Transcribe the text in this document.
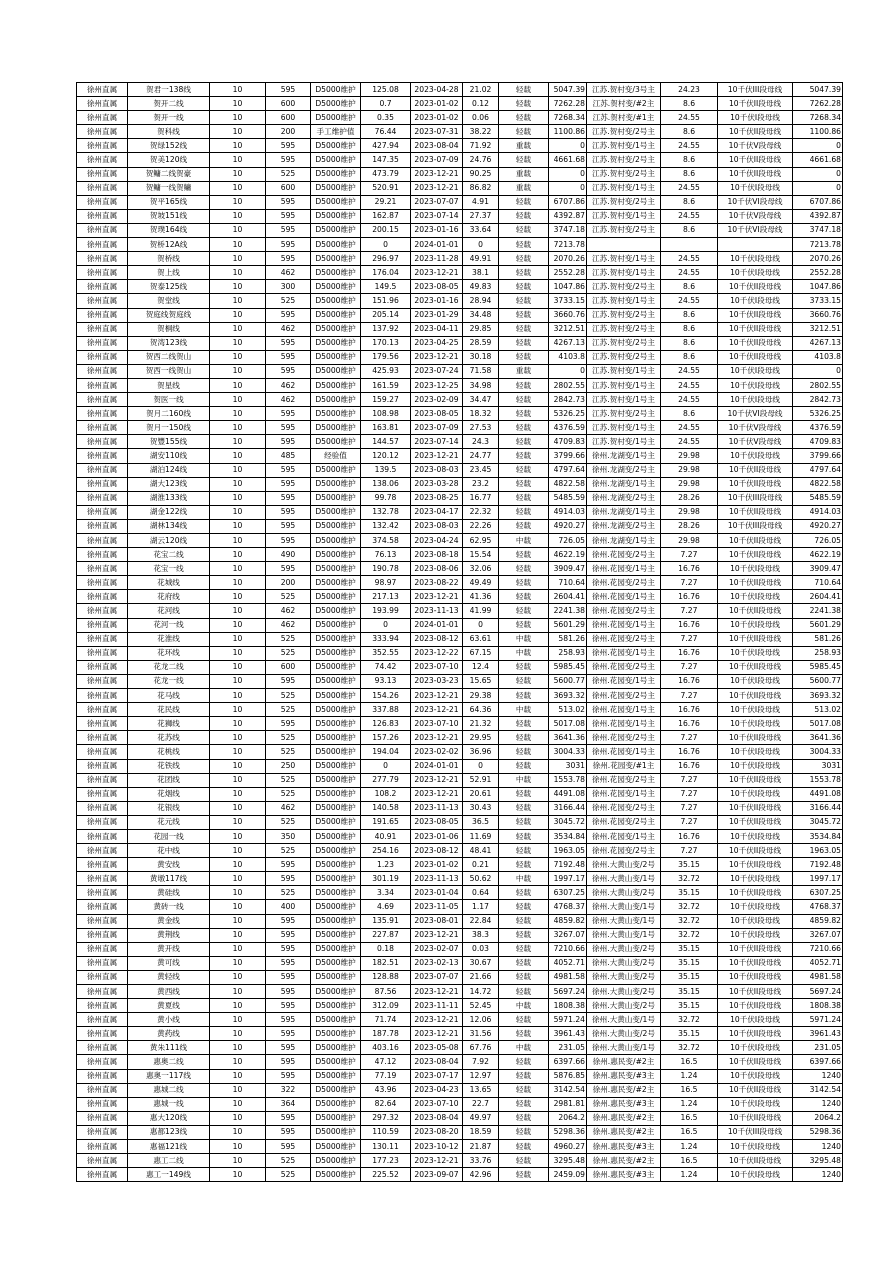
徐州直属	贺君一138线	10	595	D5000维护	125.08	2023-04-28	21.02	轻载	5047.39	江苏.贺村变/3号主	24.23	10千伏III段母线	5047.39
徐州直属	贺开二线	10	600	D5000维护	0.7	2023-01-02	0.12	轻载	7262.28	江苏.贺村变/#2主	8.6	10千伏II段母线	7262.28
徐州直属	贺开一线	10	600	D5000维护	0.35	2023-01-02	0.06	轻载	7268.34	江苏.贺村变/#1主	24.55	10千伏I段母线	7268.34
徐州直属	贺科线	10	200	手工维护值	76.44	2023-07-31	38.22	轻载	1100.86	江苏.贺村变/2号主	8.6	10千伏II段母线	1100.86
徐州直属	贺绿152线	10	595	D5000维护	427.94	2023-08-04	71.92	重载	0	江苏.贺村变/1号主	24.55	10千伏V段母线	0
徐州直属	贺美120线	10	595	D5000维护	147.35	2023-07-09	24.76	轻载	4661.68	江苏.贺村变/2号主	8.6	10千伏II段母线	4661.68
徐州直属	贺鳙二线贺豪	10	525	D5000维护	473.79	2023-12-21	90.25	重载	0	江苏.贺村变/2号主	8.6	10千伏II段母线	0
徐州直属	贺鳙一线贺鳙	10	600	D5000维护	520.91	2023-12-21	86.82	重载	0	江苏.贺村变/1号主	24.55	10千伏I段母线	0
徐州直属	贺平165线	10	595	D5000维护	29.21	2023-07-07	4.91	轻载	6707.86	江苏.贺村变/2号主	8.6	10千伏VI段母线	6707.86
徐州直属	贺坡151线	10	595	D5000维护	162.87	2023-07-14	27.37	轻载	4392.87	江苏.贺村变/1号主	24.55	10千伏V段母线	4392.87
徐州直属	贺璞164线	10	595	D5000维护	200.15	2023-01-16	33.64	轻载	3747.18	江苏.贺村变/2号主	8.6	10千伏VI段母线	3747.18
徐州直属	贺桥12A线	10	595	D5000维护	0	2024-01-01	0	轻载	7213.78				7213.78
徐州直属	贺桥线	10	595	D5000维护	296.97	2023-11-28	49.91	轻载	2070.26	江苏.贺村变/1号主	24.55	10千伏I段母线	2070.26
徐州直属	贺上线	10	462	D5000维护	176.04	2023-12-21	38.1	轻载	2552.28	江苏.贺村变/1号主	24.55	10千伏I段母线	2552.28
徐州直属	贺泰125线	10	300	D5000维护	149.5	2023-08-05	49.83	轻载	1047.86	江苏.贺村变/2号主	8.6	10千伏II段母线	1047.86
徐州直属	贺堂线	10	525	D5000维护	151.96	2023-01-16	28.94	轻载	3733.15	江苏.贺村变/1号主	24.55	10千伏I段母线	3733.15
徐州直属	贺庭线贺庭线	10	595	D5000维护	205.14	2023-01-29	34.48	轻载	3660.76	江苏.贺村变/2号主	8.6	10千伏II段母线	3660.76
徐州直属	贺桐线	10	462	D5000维护	137.92	2023-04-11	29.85	轻载	3212.51	江苏.贺村变/2号主	8.6	10千伏II段母线	3212.51
徐州直属	贺湾123线	10	595	D5000维护	170.13	2023-04-25	28.59	轻载	4267.13	江苏.贺村变/2号主	8.6	10千伏II段母线	4267.13
徐州直属	贺西二线贺山	10	595	D5000维护	179.56	2023-12-21	30.18	轻载	4103.8	江苏.贺村变/2号主	8.6	10千伏II段母线	4103.8
徐州直属	贺西一线贺山	10	595	D5000维护	425.93	2023-07-24	71.58	重载	0	江苏.贺村变/1号主	24.55	10千伏I段母线	0
徐州直属	贺星线	10	462	D5000维护	161.59	2023-12-25	34.98	轻载	2802.55	江苏.贺村变/1号主	24.55	10千伏I段母线	2802.55
徐州直属	贺医一线	10	462	D5000维护	159.27	2023-02-09	34.47	轻载	2842.73	江苏.贺村变/1号主	24.55	10千伏I段母线	2842.73
徐州直属	贺月二160线	10	595	D5000维护	108.98	2023-08-05	18.32	轻载	5326.25	江苏.贺村变/2号主	8.6	10千伏VI段母线	5326.25
徐州直属	贺月一150线	10	595	D5000维护	163.81	2023-07-09	27.53	轻载	4376.59	江苏.贺村变/1号主	24.55	10千伏V段母线	4376.59
徐州直属	贺豐155线	10	595	D5000维护	144.57	2023-07-14	24.3	轻载	4709.83	江苏.贺村变/1号主	24.55	10千伏V段母线	4709.83
徐州直属	湖安110线	10	485	经验值	120.12	2023-12-21	24.77	轻载	3799.66	徐州.龙湖变/1号主	29.98	10千伏I段母线	3799.66
徐州直属	湖泊124线	10	595	D5000维护	139.5	2023-08-03	23.45	轻载	4797.64	徐州.龙湖变/2号主	29.98	10千伏II段母线	4797.64
徐州直属	湖大123线	10	595	D5000维护	138.06	2023-03-28	23.2	轻载	4822.58	徐州.龙湖变/1号主	29.98	10千伏II段母线	4822.58
徐州直属	湖淮133线	10	595	D5000维护	99.78	2023-08-25	16.77	轻载	5485.59	徐州.龙湖变/2号主	28.26	10千伏III段母线	5485.59
徐州直属	湖金122线	10	595	D5000维护	132.78	2023-04-17	22.32	轻载	4914.03	徐州.龙湖变/1号主	29.98	10千伏II段母线	4914.03
徐州直属	湖林134线	10	595	D5000维护	132.42	2023-08-03	22.26	轻载	4920.27	徐州.龙湖变/2号主	28.26	10千伏III段母线	4920.27
徐州直属	湖云120线	10	595	D5000维护	374.58	2023-04-24	62.95	中载	726.05	徐州.龙湖变/1号主	29.98	10千伏II段母线	726.05
徐州直属	花宝二线	10	490	D5000维护	76.13	2023-08-18	15.54	轻载	4622.19	徐州.花园变/2号主	7.27	10千伏II段母线	4622.19
徐州直属	花宝一线	10	595	D5000维护	190.78	2023-08-06	32.06	轻载	3909.47	徐州.花园变/1号主	16.76	10千伏I段母线	3909.47
徐州直属	花城线	10	200	D5000维护	98.97	2023-08-22	49.49	轻载	710.64	徐州.花园变/2号主	7.27	10千伏II段母线	710.64
徐州直属	花府线	10	525	D5000维护	217.13	2023-12-21	41.36	轻载	2604.41	徐州.花园变/1号主	16.76	10千伏I段母线	2604.41
徐州直属	花河线	10	462	D5000维护	193.99	2023-11-13	41.99	轻载	2241.38	徐州.花园变/2号主	7.27	10千伏II段母线	2241.38
徐州直属	花河一线	10	462	D5000维护	0	2024-01-01	0	轻载	5601.29	徐州.花园变/1号主	16.76	10千伏I段母线	5601.29
徐州直属	花淮线	10	525	D5000维护	333.94	2023-08-12	63.61	中载	581.26	徐州.花园变/2号主	7.27	10千伏II段母线	581.26
徐州直属	花环线	10	525	D5000维护	352.55	2023-12-22	67.15	中载	258.93	徐州.花园变/1号主	16.76	10千伏I段母线	258.93
徐州直属	花龙二线	10	600	D5000维护	74.42	2023-07-10	12.4	轻载	5985.45	徐州.花园变/2号主	7.27	10千伏II段母线	5985.45
徐州直属	花龙一线	10	595	D5000维护	93.13	2023-03-23	15.65	轻载	5600.77	徐州.花园变/1号主	16.76	10千伏I段母线	5600.77
徐州直属	花马线	10	525	D5000维护	154.26	2023-12-21	29.38	轻载	3693.32	徐州.花园变/2号主	7.27	10千伏II段母线	3693.32
徐州直属	花民线	10	525	D5000维护	337.88	2023-12-21	64.36	中载	513.02	徐州.花园变/1号主	16.76	10千伏I段母线	513.02
徐州直属	花狮线	10	595	D5000维护	126.83	2023-07-10	21.32	轻载	5017.08	徐州.花园变/1号主	16.76	10千伏I段母线	5017.08
徐州直属	花苏线	10	525	D5000维护	157.26	2023-12-21	29.95	轻载	3641.36	徐州.花园变/2号主	7.27	10千伏II段母线	3641.36
徐州直属	花桃线	10	525	D5000维护	194.04	2023-02-02	36.96	轻载	3004.33	徐州.花园变/1号主	16.76	10千伏I段母线	3004.33
徐州直属	花铁线	10	250	D5000维护	0	2024-01-01	0	轻载	3031	徐州.花园变/#1主	16.76	10千伏I段母线	3031
徐州直属	花团线	10	525	D5000维护	277.79	2023-12-21	52.91	中载	1553.78	徐州.花园变/2号主	7.27	10千伏II段母线	1553.78
徐州直属	花烟线	10	525	D5000维护	108.2	2023-12-21	20.61	轻载	4491.08	徐州.花园变/1号主	7.27	10千伏I段母线	4491.08
徐州直属	花银线	10	462	D5000维护	140.58	2023-11-13	30.43	轻载	3166.44	徐州.花园变/2号主	7.27	10千伏II段母线	3166.44
徐州直属	花元线	10	525	D5000维护	191.65	2023-08-05	36.5	轻载	3045.72	徐州.花园变/2号主	7.27	10千伏II段母线	3045.72
徐州直属	花园一线	10	350	D5000维护	40.91	2023-01-06	11.69	轻载	3534.84	徐州.花园变/1号主	16.76	10千伏I段母线	3534.84
徐州直属	花中线	10	525	D5000维护	254.16	2023-08-12	48.41	轻载	1963.05	徐州.花园变/2号主	7.27	10千伏II段母线	1963.05
徐州直属	黄安线	10	595	D5000维护	1.23	2023-01-02	0.21	轻载	7192.48	徐州.大黄山变/2号	35.15	10千伏II段母线	7192.48
徐州直属	黄墩117线	10	595	D5000维护	301.19	2023-11-13	50.62	中载	1997.17	徐州.大黄山变/1号	32.72	10千伏I段母线	1997.17
徐州直属	黄硅线	10	525	D5000维护	3.34	2023-01-04	0.64	轻载	6307.25	徐州.大黄山变/2号	35.15	10千伏II段母线	6307.25
徐州直属	黄砖一线	10	400	D5000维护	4.69	2023-11-05	1.17	轻载	4768.37	徐州.大黄山变/1号	32.72	10千伏I段母线	4768.37
徐州直属	黄金线	10	595	D5000维护	135.91	2023-08-01	22.84	轻载	4859.82	徐州.大黄山变/1号	32.72	10千伏I段母线	4859.82
徐州直属	黄荆线	10	595	D5000维护	227.87	2023-12-21	38.3	轻载	3267.07	徐州.大黄山变/1号	32.72	10千伏I段母线	3267.07
徐州直属	黄开线	10	595	D5000维护	0.18	2023-02-07	0.03	轻载	7210.66	徐州.大黄山变/2号	35.15	10千伏II段母线	7210.66
徐州直属	黄可线	10	595	D5000维护	182.51	2023-02-13	30.67	轻载	4052.71	徐州.大黄山变/2号	35.15	10千伏II段母线	4052.71
徐州直属	黄轻线	10	595	D5000维护	128.88	2023-07-07	21.66	轻载	4981.58	徐州.大黄山变/2号	35.15	10千伏II段母线	4981.58
徐州直属	黄西线	10	595	D5000维护	87.56	2023-12-21	14.72	轻载	5697.24	徐州.大黄山变/2号	35.15	10千伏II段母线	5697.24
徐州直属	黄夏线	10	595	D5000维护	312.09	2023-11-11	52.45	中载	1808.38	徐州.大黄山变/2号	35.15	10千伏II段母线	1808.38
徐州直属	黄小线	10	595	D5000维护	71.74	2023-12-21	12.06	轻载	5971.24	徐州.大黄山变/1号	32.72	10千伏I段母线	5971.24
徐州直属	黄药线	10	595	D5000维护	187.78	2023-12-21	31.56	轻载	3961.43	徐州.大黄山变/2号	35.15	10千伏II段母线	3961.43
徐州直属	黄朱111线	10	595	D5000维护	403.16	2023-05-08	67.76	中载	231.05	徐州.大黄山变/1号	32.72	10千伏I段母线	231.05
徐州直属	惠奥二线	10	595	D5000维护	47.12	2023-08-04	7.92	轻载	6397.66	徐州.惠民变/#2主	16.5	10千伏II段母线	6397.66
徐州直属	惠奥一117线	10	595	D5000维护	77.19	2023-07-17	12.97	轻载	5876.85	徐州.惠民变/#3主	1.24	10千伏I段母线	1240
徐州直属	惠城二线	10	322	D5000维护	43.96	2023-04-23	13.65	轻载	3142.54	徐州.惠民变/#2主	16.5	10千伏II段母线	3142.54
徐州直属	惠城一线	10	364	D5000维护	82.64	2023-07-10	22.7	轻载	2981.81	徐州.惠民变/#3主	1.24	10千伏I段母线	1240
徐州直属	惠大120线	10	595	D5000维护	297.32	2023-08-04	49.97	轻载	2064.2	徐州.惠民变/#2主	16.5	10千伏II段母线	2064.2
徐州直属	惠都123线	10	595	D5000维护	110.59	2023-08-20	18.59	轻载	5298.36	徐州.惠民变/#2主	16.5	10千伏III段母线	5298.36
徐州直属	惠福121线	10	595	D5000维护	130.11	2023-10-12	21.87	轻载	4960.27	徐州.惠民变/#3主	1.24	10千伏I段母线	1240
徐州直属	惠工二线	10	525	D5000维护	177.23	2023-12-21	33.76	轻载	3295.48	徐州.惠民变/#2主	16.5	10千伏II段母线	3295.48
徐州直属	惠工一149线	10	525	D5000维护	225.52	2023-09-07	42.96	轻载	2459.09	徐州.惠民变/#3主	1.24	10千伏I段母线	1240
